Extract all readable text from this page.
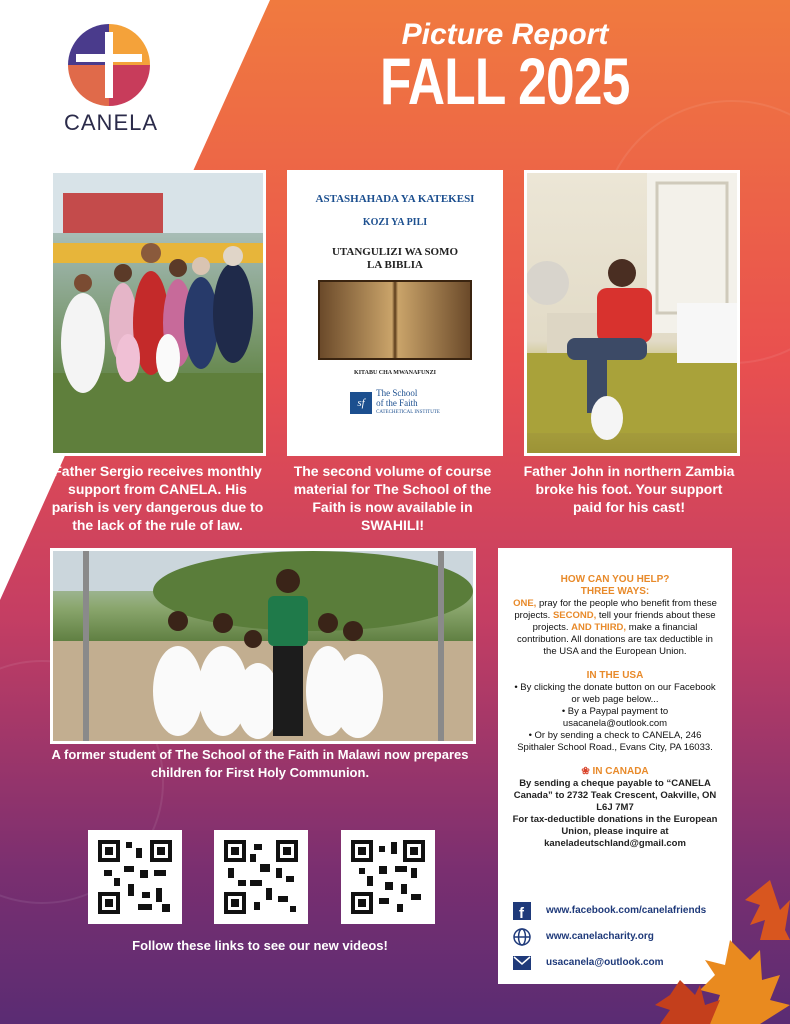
CANELA
Picture Report
FALL 2025
Father Sergio receives monthly support from CANELA. His parish is very dangerous due to the lack of the rule of law.
ASTASHAHADA YA KATEKESI
KOZI YA PILI
UTANGULIZI WA SOMO
LA BIBLIA
KITABU CHA MWANAFUNZI
sf
The School
of the Faith
CATECHETICAL INSTITUTE
The second volume of course material for The School of the Faith is now available in SWAHILI!
Father John in northern Zambia broke his foot. Your support paid for his cast!
A former student of The School of the Faith in Malawi now prepares children for First Holy Communion.
HOW CAN YOU HELP?
THREE WAYS:

ONE, pray for the people who benefit from these projects. SECOND, tell your friends about these projects. AND THIRD, make a financial contribution. All donations are tax deductible in the USA and the European Union.

IN THE USA

• By clicking the donate button on our Facebook or web page below...

• By a Paypal payment to usacanela@outlook.com

• Or by sending a check to CANELA, 246 Spithaler School Road., Evans City, PA 16033.

❀ IN CANADA

By sending a cheque payable to “CANELA Canada” to 2732 Teak Crescent, Oakville, ON L6J 7M7

For tax-deductible donations in the European Union, please inquire at kaneladeutschland@gmail.com

f www.facebook.com/canelafriends
www.canelacharity.org
usacanela@outlook.com
Follow these links to see our new videos!
